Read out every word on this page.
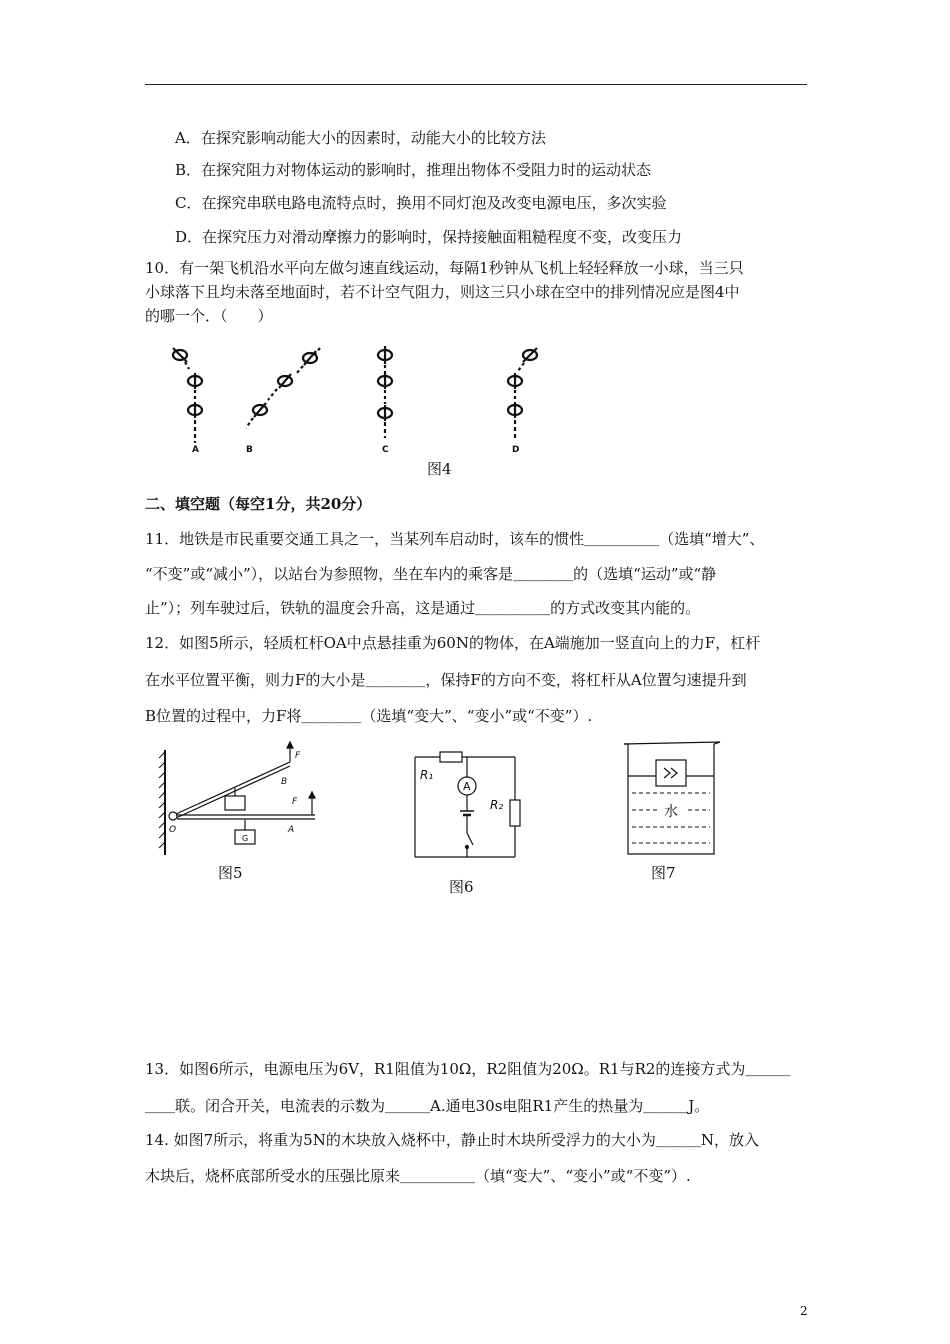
A．在探究影响动能大小的因素时，动能大小的比较方法
B．在探究阻力对物体运动的影响时，推理出物体不受阻力时的运动状态
C．在探究串联电路电流特点时，换用不同灯泡及改变电源电压，多次实验
D．在探究压力对滑动摩擦力的影响时，保持接触面粗糙程度不变，改变压力
10．有一架飞机沿水平向左做匀速直线运动，每隔1秒钟从飞机上轻轻释放一小球，当三只
小球落下且均未落至地面时，若不计空气阻力，则这三只小球在空中的排列情况应是图4中
的哪一个．（　　）
A	B	C	D
图4
二、填空题（每空1分，共20分）
11．地铁是市民重要交通工具之一，当某列车启动时，该车的惯性＿＿＿＿＿（选填“增大”、
“不变”或“减小”），以站台为参照物，坐在车内的乘客是＿＿＿＿的（选填“运动”或“静
止”）；列车驶过后，铁轨的温度会升高，这是通过＿＿＿＿＿的方式改变其内能的。
12．如图5所示，轻质杠杆OA中点悬挂重为60N的物体，在A端施加一竖直向上的力F，杠杆
在水平位置平衡，则力F的大小是＿＿＿＿，保持F的方向不变，将杠杆从A位置匀速提升到
B位置的过程中，力F将＿＿＿＿（选填“变大”、“变小”或“不变”）.
F
F
B
A
O
G
图5
R₁
R₂
A
图6
水
图7
13．如图6所示，电源电压为6V，R1阻值为10Ω，R2阻值为20Ω。R1与R2的连接方式为＿＿＿
＿＿联。闭合开关，电流表的示数为＿＿＿A.通电30s电阻R1产生的热量为＿＿＿J。
14. 如图7所示，将重为5N的木块放入烧杯中，静止时木块所受浮力的大小为＿＿＿N，放入
木块后，烧杯底部所受水的压强比原来＿＿＿＿＿（填“变大”、“变小”或“不变”）.
2
